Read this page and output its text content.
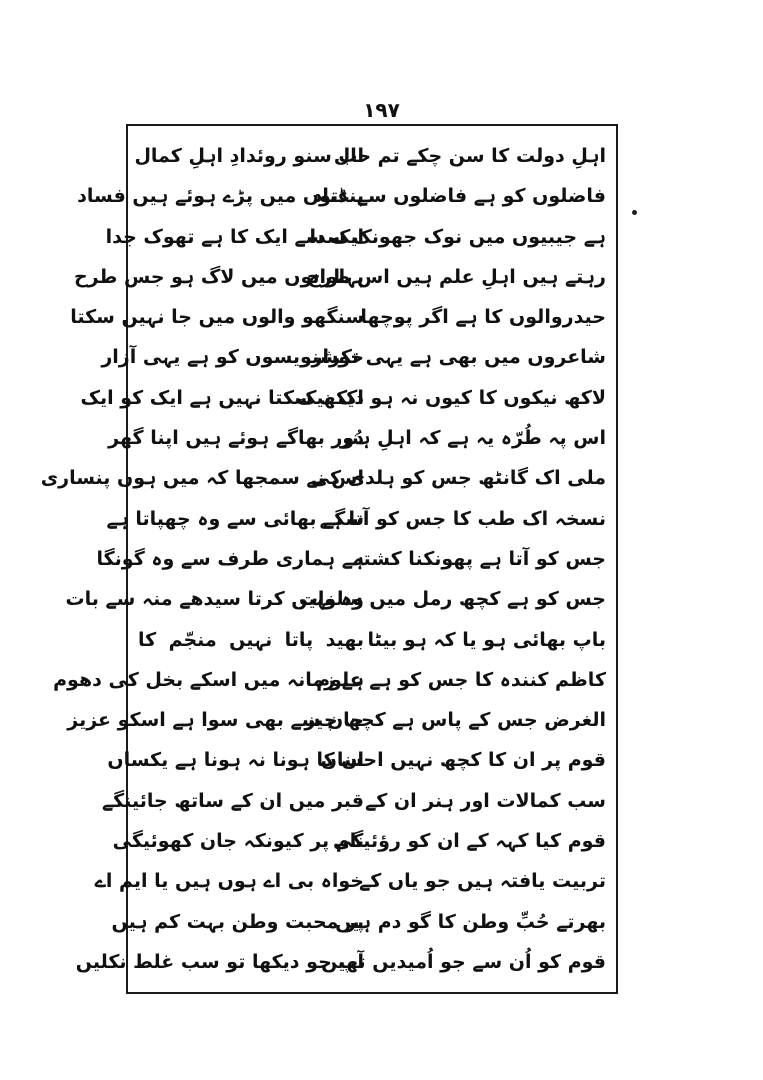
۱۹۷
اہلِ دولت کا سن چکے تم حال
فاضلوں کو ہے فاضلوں سے عناد
ہے جیبیوں میں نوک جھونک سدا
رہتے ہیں اہلِ علم ہیں اس طرح
حیدروالوں کا ہے اگر پوچھا
شاعروں میں بھی ہے یہی تکرار
لاکھ نیکوں کا کیوں نہ ہو اک نیک
اس پہ طُرّہ یہ ہے کہ اہلِ ہنر
ملی اک گانٹھ جس کو ہلدی کی
نسخہ اک طب کا جس کو آتا ہے
جس کو آتا ہے پھونکنا کشتہ
جس کو ہے کچھ رمل میں سلوات
باپ بھائی ہو یا کہ ہو بیٹا
کاظم کنندہ کا جس کو ہے علوم
الغرض جس کے پاس ہے کچھ چیز
قوم پر ان کا کچھ نہیں احساں
سب کمالات اور ہنر ان کے
قوم کیا کہہ کے ان کو رؤئیگی
تربیت یافتہ ہیں جو یاں کے
بھرتے حُبِّ وطن کا گو دم ہیں
قوم کو اُن سے جو اُمیدیں تھیں
اب سنو روئدادِ اہلِ کمال
پنڈتوں میں پڑے ہوئے ہیں فساد
ایک سے ایک کا ہے تھوک جدا
پہلوانوں میں لاگ ہو جس طرح
سنگھو والوں میں جا نہیں سکتا
خوشنویسوں کو ہے یہی آزار
دیکھ سکتا نہیں ہے ایک کو ایک
دُور بھاگے ہوئے ہیں اپنا گھر
اس نے سمجھا کہ میں ہوں پنساری
سگے بھائی سے وہ چھپاتا ہے
ہے ہماری طرف سے وہ گونگا
وہ نہیں کرتا سیدھے منہ سے بات
بھید پاتا نہیں منجّم کا
ہے زمانہ میں اسکے بخل کی دھوم
جان سے بھی سوا ہے اسکو عزیز
ان کا ہونا نہ ہونا ہے یکساں
قبر میں ان کے ساتھ جائینگے
نام پر کیونکہ جان کھوئیگی
خواہ بی اے ہوں ہیں یا ایم اے
پر محبت وطن بہت کم ہیں
آپ جو دیکھا تو سب غلط نکلیں
